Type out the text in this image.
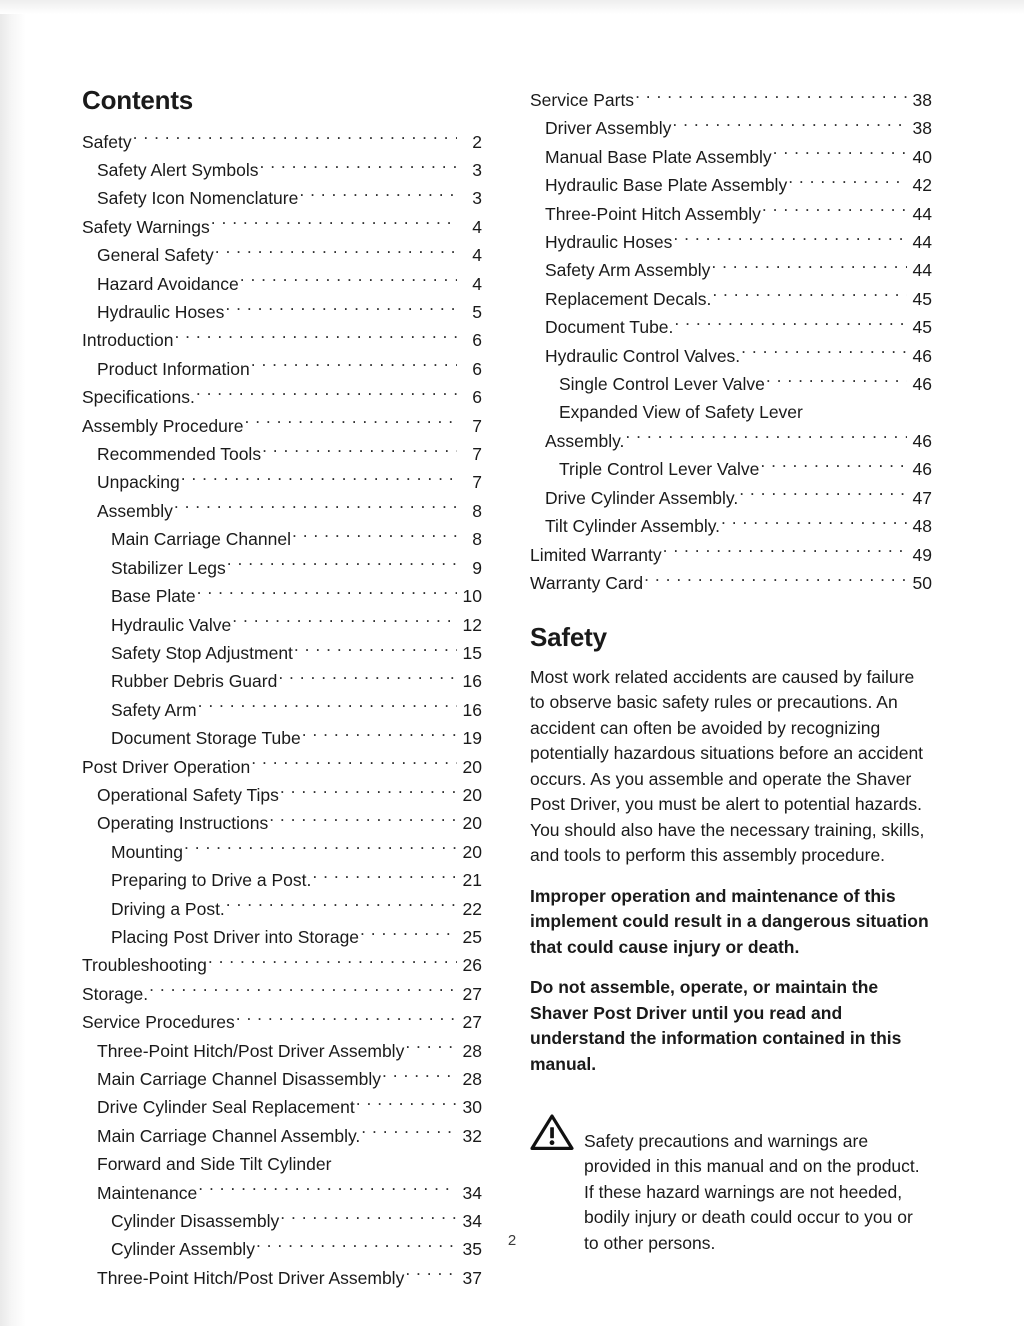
Contents
Safety . . .	2
Safety Alert Symbols . . .	3
Safety Icon Nomenclature . . .	3
Safety Warnings . . .	4
General Safety . . .	4
Hazard Avoidance . . .	4
Hydraulic Hoses . . .	5
Introduction . . .	6
Product Information . . .	6
Specifications. . . .	6
Assembly Procedure . . .	7
Recommended Tools . . .	7
Unpacking . . .	7
Assembly . . .	8
Main Carriage Channel . . .	8
Stabilizer Legs . . .	9
Base Plate . . .	10
Hydraulic Valve . . .	12
Safety Stop Adjustment . . .	15
Rubber Debris Guard . . .	16
Safety Arm . . .	16
Document Storage Tube . . .	19
Post Driver Operation . . .	20
Operational Safety Tips . . .	20
Operating Instructions . . .	20
Mounting . . .	20
Preparing to Drive a Post. . . .	21
Driving a Post. . . .	22
Placing Post Driver into Storage . . .	25
Troubleshooting . . .	26
Storage. . . .	27
Service Procedures . . .	27
Three-Point Hitch/Post Driver Assembly . . .	28
Main Carriage Channel Disassembly . . .	28
Drive Cylinder Seal Replacement . . .	30
Main Carriage Channel Assembly. . . .	32
Forward and Side Tilt Cylinder
Maintenance . . .	34
Cylinder Disassembly . . .	34
Cylinder Assembly . . .	35
Three-Point Hitch/Post Driver Assembly . . .	37
Service Parts . . .	38
Driver Assembly . . .	38
Manual Base Plate Assembly . . .	40
Hydraulic Base Plate Assembly . . .	42
Three-Point Hitch Assembly . . .	44
Hydraulic Hoses . . .	44
Safety Arm Assembly . . .	44
Replacement Decals. . . .	45
Document Tube. . . .	45
Hydraulic Control Valves. . . .	46
Single Control Lever Valve . . .	46
Expanded View of Safety Lever
Assembly. . . .	46
Triple Control Lever Valve . . .	46
Drive Cylinder Assembly. . . .	47
Tilt Cylinder Assembly. . . .	48
Limited Warranty . . .	49
Warranty Card . . .	50
Safety

Most work related accidents are caused by failure to observe basic safety rules or precautions. An accident can often be avoided by recognizing potentially hazardous situations before an accident occurs. As you assemble and operate the Shaver Post Driver, you must be alert to potential hazards. You should also have the necessary training, skills, and tools to perform this assembly procedure.

Improper operation and maintenance of this implement could result in a dangerous situation that could cause injury or death.

Do not assemble, operate, or maintain the Shaver Post Driver until you read and understand the information contained in this manual.

Safety precautions and warnings are provided in this manual and on the product. If these hazard warnings are not heeded, bodily injury or death could occur to you or to other persons.

2
